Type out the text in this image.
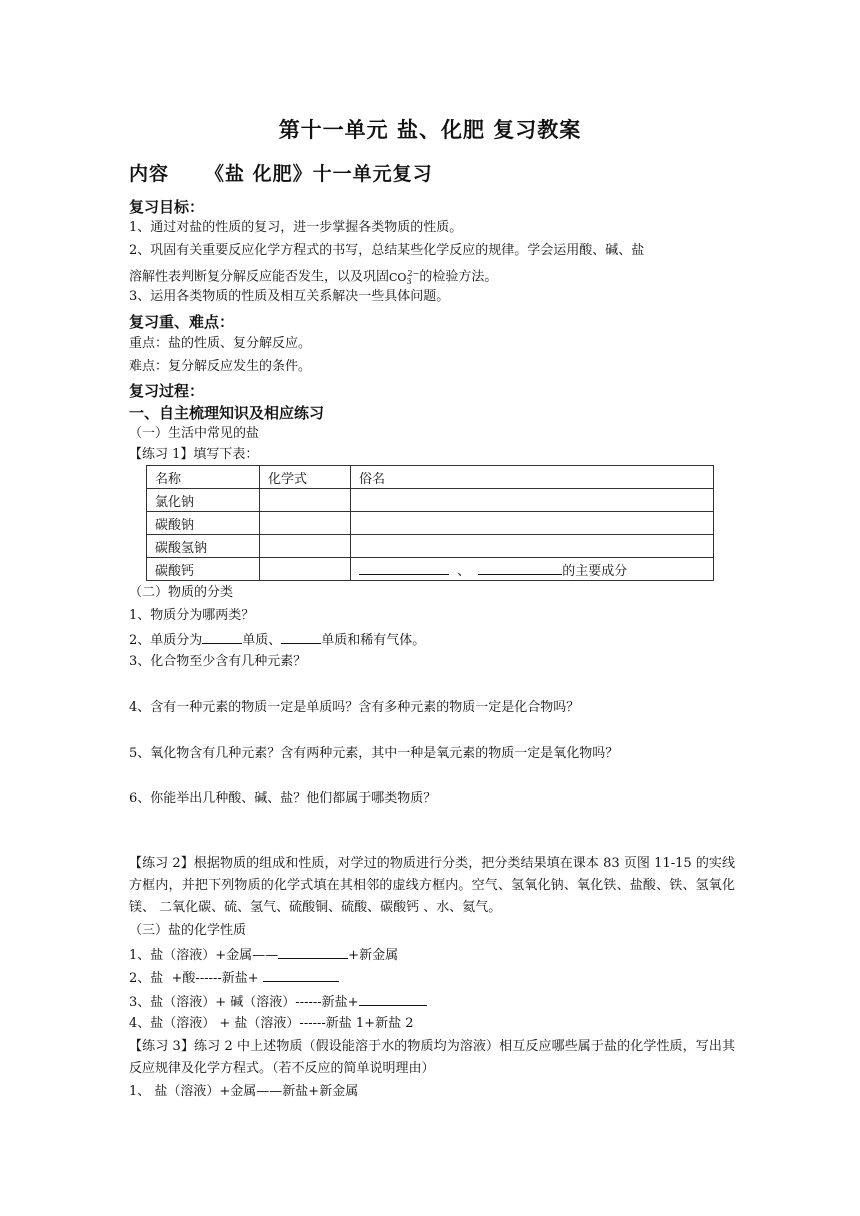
第十一单元 盐、化肥 复习教案
内容 《盐 化肥》十一单元复习
复习目标：
1、通过对盐的性质的复习，进一步掌握各类物质的性质。
2、巩固有关重要反应化学方程式的书写，总结某些化学反应的规律。学会运用酸、碱、盐
溶解性表判断复分解反应能否发生，以及巩固$CO_3^{2-}$的检验方法。
3、运用各类物质的性质及相互关系解决一些具体问题。
复习重、难点：
重点：盐的性质、复分解反应。
难点：复分解反应发生的条件。
复习过程：
一、自主梳理知识及相应练习
（一）生活中常见的盐
【练习 1】填写下表：
名称	化学式	俗名
氯化钠		
碳酸钠		
碳酸氢钠		
碳酸钙		、 的主要成分
（二）物质的分类
1、物质分为哪两类？
2、单质分为	单质、	单质和稀有气体。
3、化合物至少含有几种元素？
4、含有一种元素的物质一定是单质吗？含有多种元素的物质一定是化合物吗？
5、氧化物含有几种元素？含有两种元素，其中一种是氧元素的物质一定是氧化物吗？
6、你能举出几种酸、碱、盐？他们都属于哪类物质？
【练习 2】根据物质的组成和性质，对学过的物质进行分类，把分类结果填在课本 83 页图 11-15 的实线方框内，并把下列物质的化学式填在其相邻的虚线方框内。空气、氢氧化钠、氧化铁、盐酸、铁、氢氧化镁、 二氧化碳、硫、氢气、硫酸铜、硫酸、碳酸钙 、水、氦气。
（三）盐的化学性质
1、盐（溶液）+金属——	+新金属
2、盐  +酸------新盐+
3、盐（溶液）+ 碱（溶液）------新盐+
4、盐（溶液） + 盐（溶液）------新盐 1+新盐 2
【练习 3】练习 2 中上述物质（假设能溶于水的物质均为溶液）相互反应哪些属于盐的化学性质，写出其反应规律及化学方程式。（若不反应的简单说明理由）
1、 盐（溶液）+金属——新盐+新金属
